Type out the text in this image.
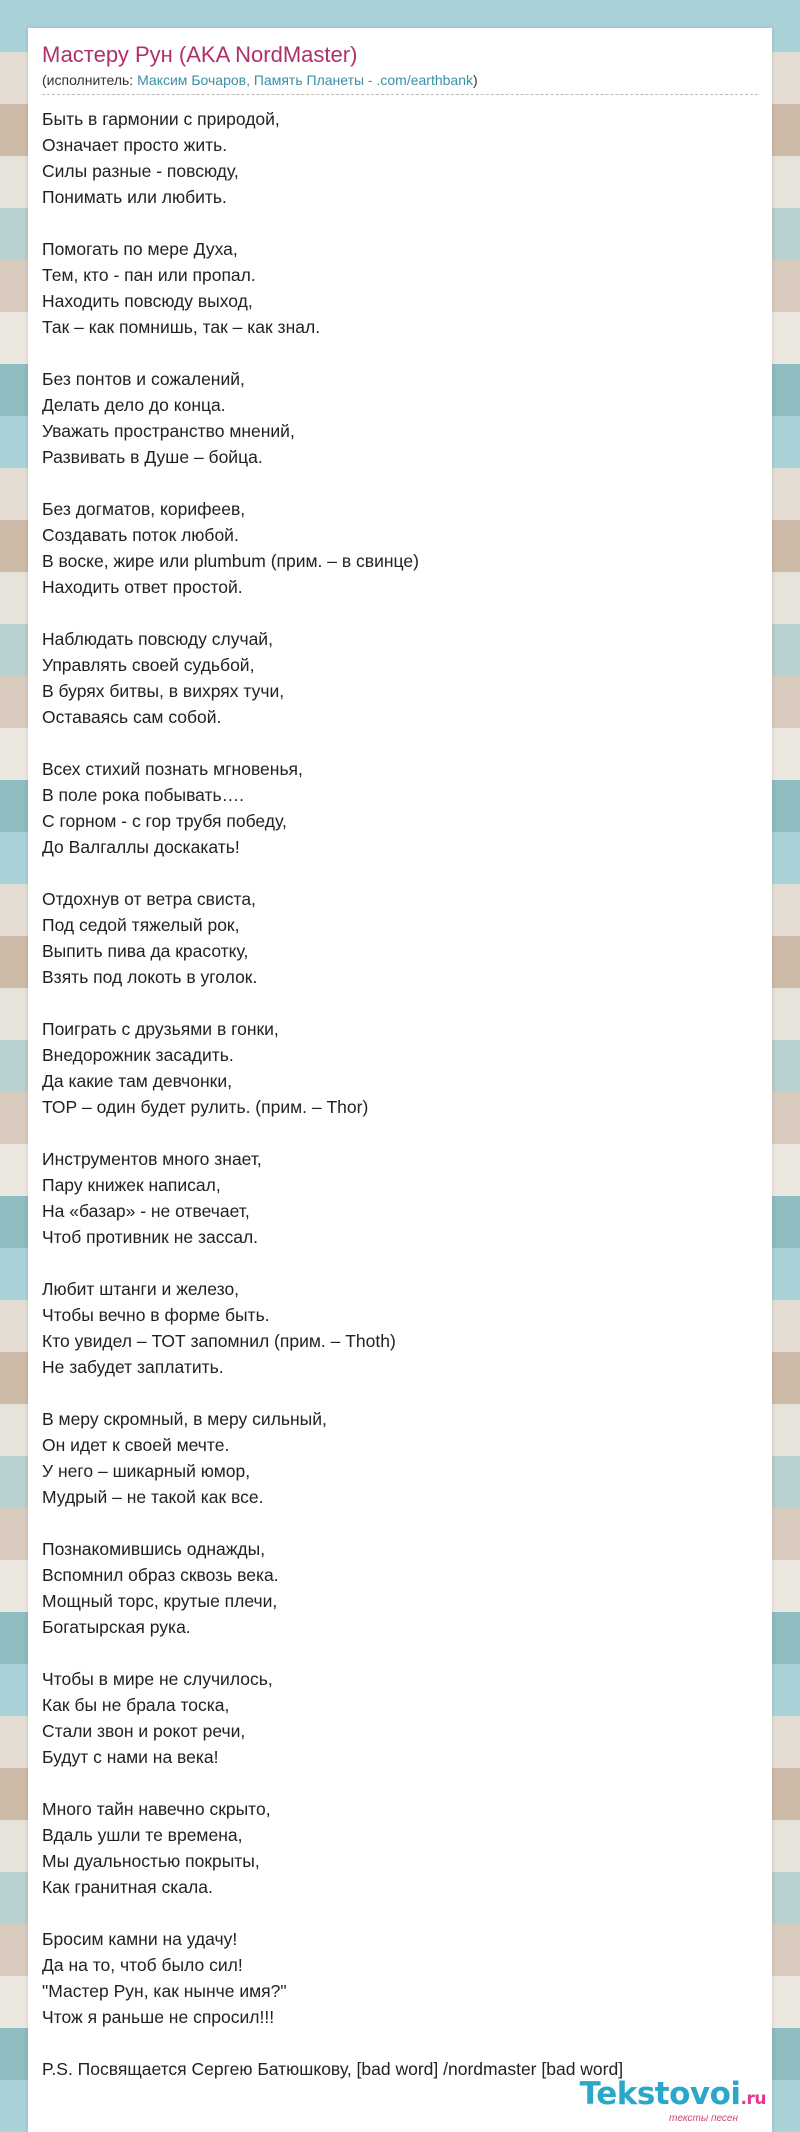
Мастеру Рун (AKA NordMaster)
(исполнитель: Максим Бочаров, Память Планеты - .com/earthbank)
Быть в гармонии с природой,
Означает просто жить.
Силы разные - повсюду,
Понимать или любить.
Помогать по мере Духа,
Тем, кто - пан или пропал.
Находить повсюду выход,
Так – как помнишь, так – как знал.
Без понтов и сожалений,
Делать дело до конца.
Уважать пространство мнений,
Развивать в Душе – бойца.
Без догматов, корифеев,
Создавать поток любой.
В воске, жире или plumbum (прим. – в свинце)
Находить ответ простой.
Наблюдать повсюду случай,
Управлять своей судьбой,
В бурях битвы, в вихрях тучи,
Оставаясь сам собой.
Всех стихий познать мгновенья,
В поле рока побывать….
С горном - с гор трубя победу,
До Валгаллы доскакать!
Отдохнув от ветра свиста,
Под седой тяжелый рок,
Выпить пива да красотку,
Взять под локоть в уголок.
Поиграть с друзьями в гонки,
Внедорожник засадить.
Да какие там девчонки,
ТОР – один будет рулить. (прим. – Thor)
Инструментов много знает,
Пару книжек написал,
На «базар» - не отвечает,
Чтоб противник не зассал.
Любит штанги и железо,
Чтобы вечно в форме быть.
Кто увидел – ТОТ запомнил (прим. – Thoth)
Не забудет заплатить.
В меру скромный, в меру сильный,
Он идет к своей мечте.
У него – шикарный юмор,
Мудрый – не такой как все.
Познакомившись однажды,
Вспомнил образ сквозь века.
Мощный торс, крутые плечи,
Богатырская рука.
Чтобы в мире не случилось,
Как бы не брала тоска,
Стали звон и рокот речи,
Будут с нами на века!
Много тайн навечно скрыто,
Вдаль ушли те времена,
Мы дуальностью покрыты,
Как гранитная скала.
Бросим камни на удачу!
Да на то, чтоб было сил!
"Мастер Рун, как нынче имя?"
Чтож я раньше не спросил!!!
P.S. Посвящается Сергею Батюшкову, [bad word] /nordmaster [bad word]
Tekstovoi.ru
тексты песен
